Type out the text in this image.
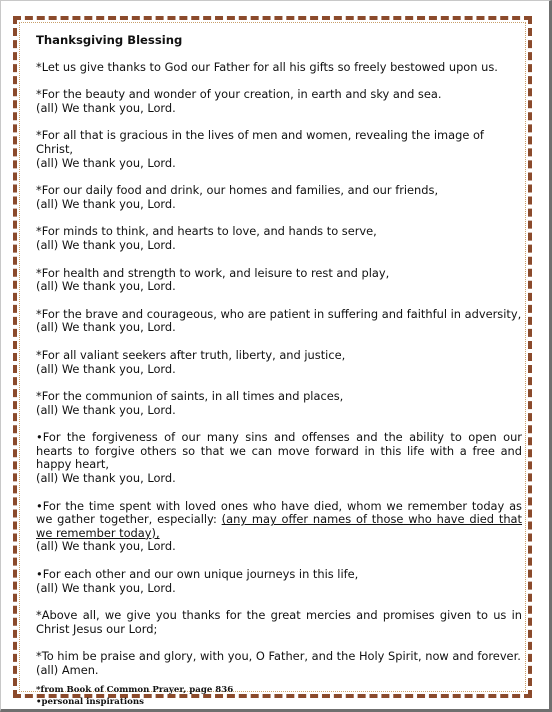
Thanksgiving Blessing
*Let us give thanks to God our Father for all his gifts so freely bestowed upon us.
*For the beauty and wonder of your creation, in earth and sky and sea.
(all) We thank you, Lord.
*For all that is gracious in the lives of men and women, revealing the image of Christ,
(all) We thank you, Lord.
*For our daily food and drink, our homes and families, and our friends,
(all) We thank you, Lord.
*For minds to think, and hearts to love, and hands to serve,
(all) We thank you, Lord.
*For health and strength to work, and leisure to rest and play,
(all) We thank you, Lord.
*For the brave and courageous, who are patient in suffering and faithful in adversity,
(all) We thank you, Lord.
*For all valiant seekers after truth, liberty, and justice,
(all) We thank you, Lord.
*For the communion of saints, in all times and places,
(all) We thank you, Lord.
•For the forgiveness of our many sins and offenses and the ability to open our hearts to forgive others so that we can move forward in this life with a free and happy heart,
(all) We thank you, Lord.
•For the time spent with loved ones who have died, whom we remember today as we gather together, especially: (any may offer names of those who have died that we remember today),
(all) We thank you, Lord.
•For each other and our own unique journeys in this life,
(all) We thank you, Lord.
*Above all, we give you thanks for the great mercies and promises given to us in Christ Jesus our Lord;
*To him be praise and glory, with you, O Father, and the Holy Spirit, now and forever.
(all) Amen.
*from Book of Common Prayer, page 836
•personal inspirations
